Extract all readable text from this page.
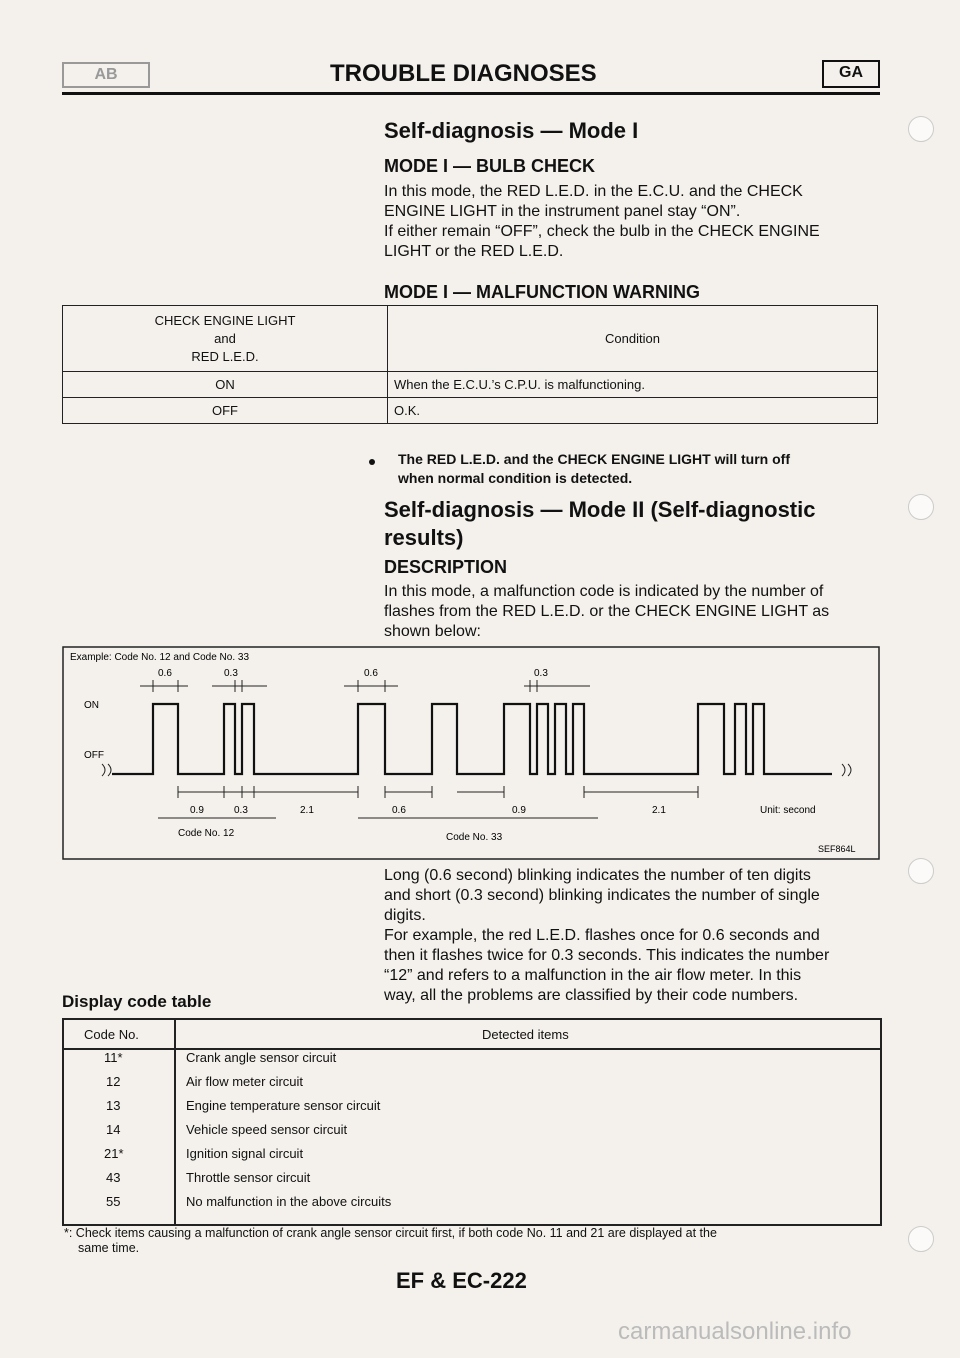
AB	TROUBLE DIAGNOSES	GA
Self-diagnosis — Mode I
MODE I — BULB CHECK
In this mode, the RED L.E.D. in the E.C.U. and the CHECK
ENGINE LIGHT in the instrument panel stay “ON”.
If either remain “OFF”, check the bulb in the CHECK ENGINE
LIGHT or the RED L.E.D.
MODE I — MALFUNCTION WARNING
CHECK ENGINE LIGHT
and
RED L.E.D.	Condition
ON	When the E.C.U.’s C.P.U. is malfunctioning.
OFF	O.K.
The RED L.E.D. and the CHECK ENGINE LIGHT will turn off
when normal condition is detected.
Self-diagnosis — Mode II (Self-diagnostic
results)
DESCRIPTION
In this mode, a malfunction code is indicated by the number of
flashes from the RED L.E.D. or the CHECK ENGINE LIGHT as
shown below:
Example: Code No. 12 and Code No. 33
ON
OFF
0.6	0.3	0.6	0.3
0.9	0.3	2.1	0.6	0.9	2.1
Code No. 12	Code No. 33
Unit: second
SEF864L
Long (0.6 second) blinking indicates the number of ten digits
and short (0.3 second) blinking indicates the number of single
digits.
For example, the red L.E.D. flashes once for 0.6 seconds and
then it flashes twice for 0.3 seconds. This indicates the number
“12” and refers to a malfunction in the air flow meter. In this
way, all the problems are classified by their code numbers.
Display code table
Code No.	Detected items
11*	Crank angle sensor circuit
12	Air flow meter circuit
13	Engine temperature sensor circuit
14	Vehicle speed sensor circuit
21*	Ignition signal circuit
43	Throttle sensor circuit
55	No malfunction in the above circuits
*: Check items causing a malfunction of crank angle sensor circuit first, if both code No. 11 and 21 are displayed at the
same time.
EF & EC-222
carmanualsonline.info
